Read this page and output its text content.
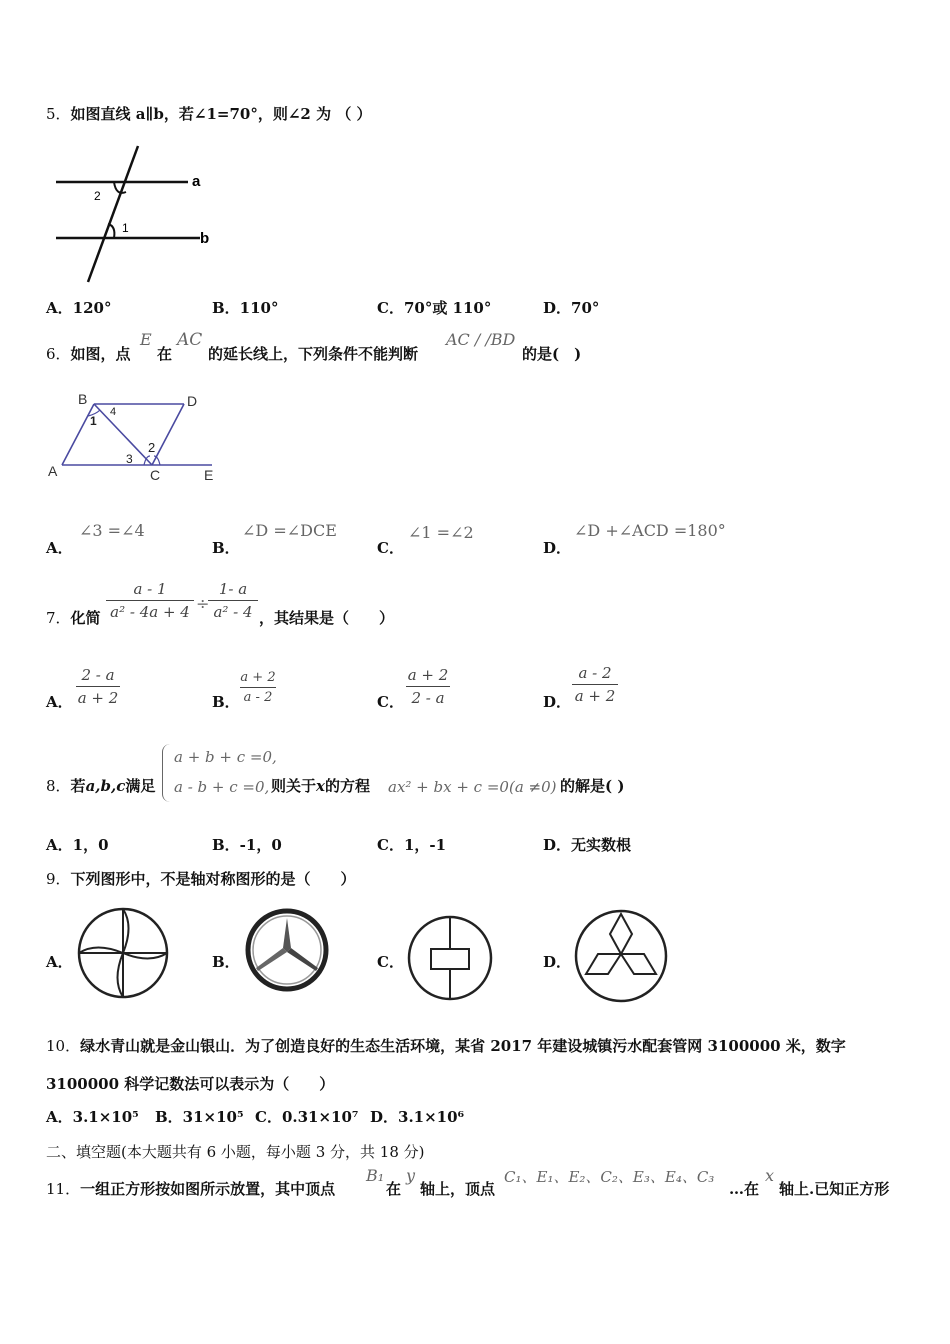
5．如图直线 a∥b，若∠1=70°，则∠2 为 （ ）
a
b
2
1
A．120°	B．110°	C．70°或 110°	D．70°
6．如图，点
E
在
AC
的延长线上，下列条件不能判断
AC / /BD
的是(　)
B	D
A	C	E
1
4
2
3
A．
∠3 =∠4
B．
∠D =∠DCE
C．
∠1 =∠2
D．
∠D +∠ACD =180°
7．化简
a - 1
a² - 4a + 4 ÷
1- a
a² - 4 ，其结果是（　　）
A．
2 - a
a + 2	B．
a + 2
a - 2	C．
a + 2
2 - a	D．
a - 2
a + 2
8．若a,b,c满足
a + b + c =0,
a - b + c =0, 则关于x的方程 ax² + bx + c =0(a ≠0) 的解是( )
A．1，0	B．-1，0	C．1，-1	D．无实数根
9．下列图形中，不是轴对称图形的是（　　）
A．	B．	C．	D．
10．绿水青山就是金山银山．为了创造良好的生态生活环境，某省 2017 年建设城镇污水配套管网 3100000 米，数字
3100000 科学记数法可以表示为（　　）
A．3.1×10⁵ B．31×10⁵ C．0.31×10⁷ D．3.1×10⁶
二、填空题(本大题共有 6 小题，每小题 3 分，共 18 分)
11．一组正方形按如图所示放置，其中顶点
B₁
在
y
轴上，顶点
C₁、E₁、E₂、C₂、E₃、E₄、C₃
…在
x
轴上.已知正方形
